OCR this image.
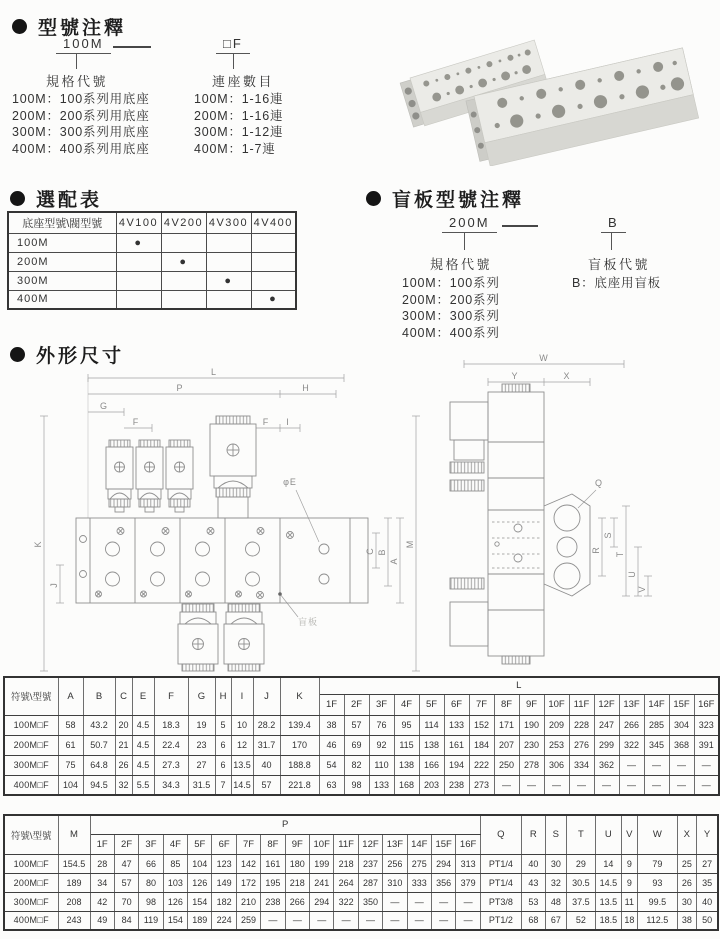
型號注釋
100M	□F
規格代號	連座數目
100M：100系列用底座
200M：200系列用底座
300M：300系列用底座
400M：400系列用底座
100M：1-16連
200M：1-16連
300M：1-12連
400M：1-7連
選配表
底座型號\閥型號	4V100	4V200	4V300	4V400
100M	●			
200M		●		
300M			●	
400M				●
盲板型號注釋
200M	B
規格代號	盲板代號
100M：100系列
200M：200系列
300M：300系列
400M：400系列
B：底座用盲板
外形尺寸
L
P	H
G
F	F I
φE
C B
A
M
K
J
盲板
W
Y	X
Q
R
S
T
U
V
符號\型號	A	B	C	E	F	G	H	I	J	K	L															
											1F	2F	3F	4F	5F	6F	7F	8F	9F	10F	11F	12F	13F	14F	15F	16F
100M□F	58	43.2	20	4.5	18.3	19	5	10	28.2	139.4	38	57	76	95	114	133	152	171	190	209	228	247	266	285	304	323
200M□F	61	50.7	21	4.5	22.4	23	6	12	31.7	170	46	69	92	115	138	161	184	207	230	253	276	299	322	345	368	391
300M□F	75	64.8	26	4.5	27.3	27	6	13.5	40	188.8	54	82	110	138	166	194	222	250	278	306	334	362	—	—	—	—
400M□F	104	94.5	32	5.5	34.3	31.5	7	14.5	57	221.8	63	98	133	168	203	238	273	—	—	—	—	—	—	—	—	—
符號\型號	M	P																Q	R	S	T	U	V	W	X	Y
		1F	2F	3F	4F	5F	6F	7F	8F	9F	10F	11F	12F	13F	14F	15F	16F									
100M□F	154.5	28	47	66	85	104	123	142	161	180	199	218	237	256	275	294	313	PT1/4	40	30	29	14	9	79	25	27
200M□F	189	34	57	80	103	126	149	172	195	218	241	264	287	310	333	356	379	PT1/4	43	32	30.5	14.5	9	93	26	35
300M□F	208	42	70	98	126	154	182	210	238	266	294	322	350	—	—	—	—	PT3/8	53	48	37.5	13.5	11	99.5	30	40
400M□F	243	49	84	119	154	189	224	259	—	—	—	—	—	—	—	—	—	PT1/2	68	67	52	18.5	18	112.5	38	50
